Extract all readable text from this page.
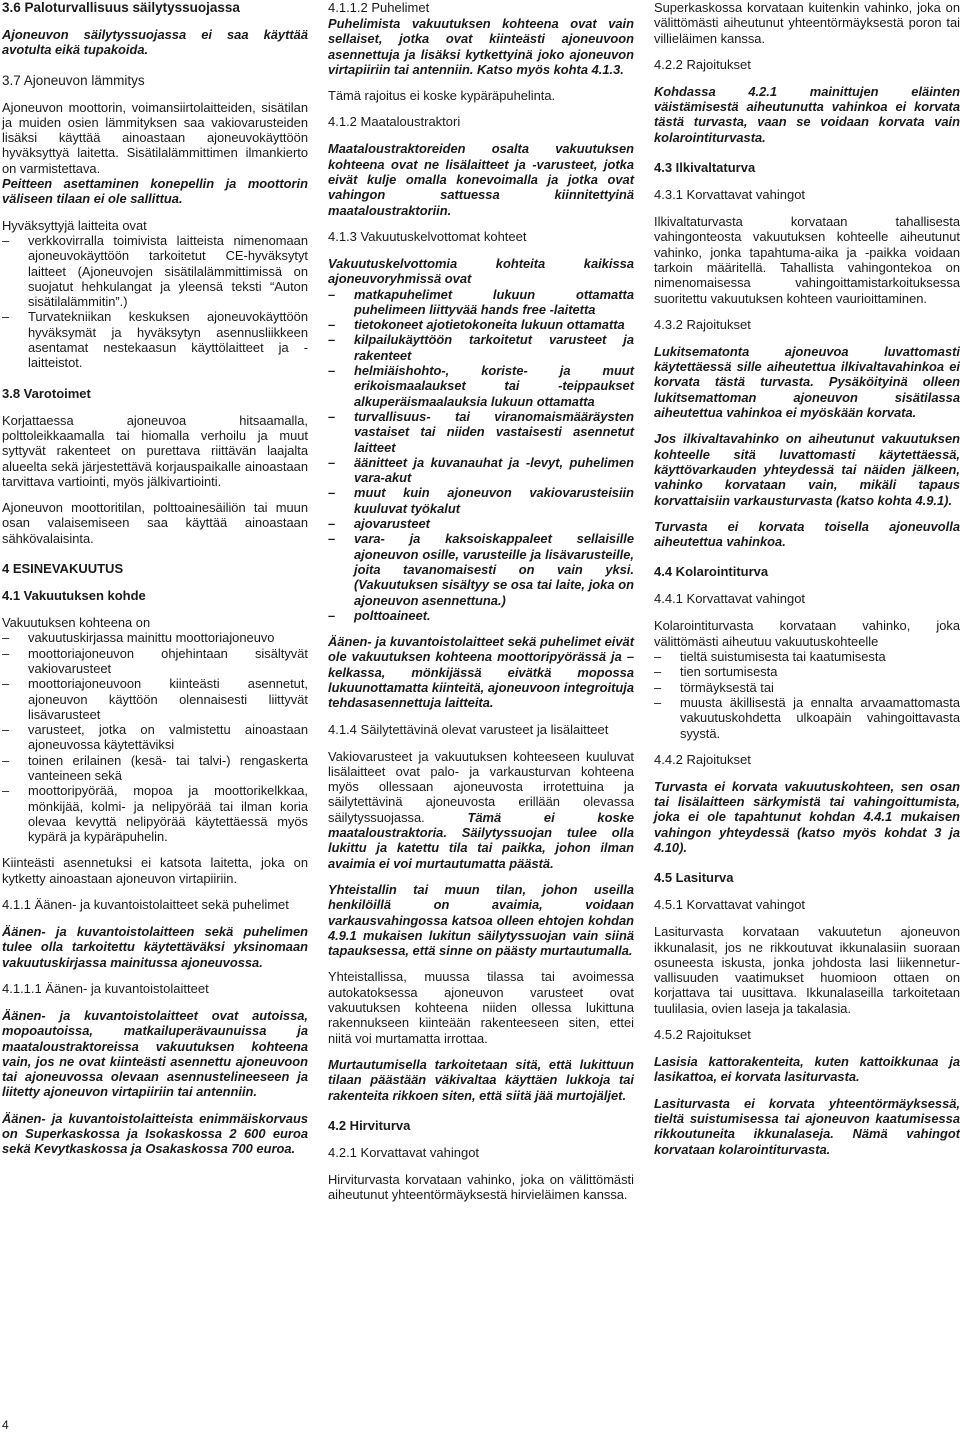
3.6 Paloturvallisuus säilytyssuojassa

Ajoneuvon säilytyssuojassa ei saa käyttää avotulta eikä tupakoida.

3.7 Ajoneuvon lämmitys

Ajoneuvon moottorin, voimansiirtolaitteiden, sisätilan ja muiden osien lämmityksen saa vakiovarusteiden lisäksi käyttää ainoastaan ajoneuvokäyttöön hyväksyttyä laitetta. Sisätilalämmittimen ilmankierto on varmistettava.

Peitteen asettaminen konepellin ja moottorin väliseen tilaan ei ole sallittua.

Hyväksyttyjä laitteita ovat

– verkkovirralla toimivista laitteista nimenomaan ajoneuvokäyttöön tarkoitetut CE-hyväksytyt laitteet (Ajoneuvojen sisätilalämmittimissä on suojatut hehkulangat ja yleensä teksti “Auton sisätilalämmitin”.)
– Turvatekniikan keskuksen ajoneuvokäyttöön hyväksymät ja hyväksytyn asennusliikkeen asentamat nestekaasun käyttölaitteet ja -laitteistot.
3.8 Varotoimet

Korjattaessa ajoneuvoa hitsaamalla, polttoleikkaamalla tai hiomalla verhoilu ja muut syttyvät rakenteet on purettava riittävän laajalta alueelta sekä järjestettävä korjauspaikalle ainoastaan tarvittava vartiointi, myös jälkivartiointi.

Ajoneuvon moottoritilan, polttoainesäiliön tai muun osan valaisemiseen saa käyttää ainoastaan sähkövalaisinta.

4 ESINEVAKUUTUS
4.1 Vakuutuksen kohde

Vakuutuksen kohteena on

– vakuutuskirjassa mainittu moottoriajoneuvo
– moottoriajoneuvon ohjehintaan sisältyvät vakiovarusteet
– moottoriajoneuvoon kiinteästi asennetut, ajoneuvon käyttöön olennaisesti liittyvät lisävarusteet
– varusteet, jotka on valmistettu ainoastaan ajoneuvossa käytettäviksi
– toinen erilainen (kesä- tai talvi-) rengaskerta vanteineen sekä
– moottoripyörää, mopoa ja moottorikelkkaa, mönkijää, kolmi- ja nelipyörää tai ilman koria olevaa kevyttä nelipyörää käytettäessä myös kypärä ja kypäräpuhelin.

Kiinteästi asennetuksi ei katsota laitetta, joka on kytketty ainoastaan ajoneuvon virtapiiriin.

4.1.1 Äänen- ja kuvantoistolaitteet sekä puhelimet

Äänen- ja kuvantoistolaitteen sekä puhelimen tulee olla tarkoitettu käytettäväksi yksinomaan vakuutuskirjassa mainitussa ajoneuvossa.

4.1.1.1 Äänen- ja kuvantoistolaitteet

Äänen- ja kuvantoistolaitteet ovat autoissa, mopoautoissa, matkailuperävaunuissa ja maataloustraktoreissa vakuutuksen kohteena vain, jos ne ovat kiinteästi asennettu ajoneuvoon tai ajoneuvossa olevaan asennustelineeseen ja liitetty ajoneuvon virtapiiriin tai antenniin.

Äänen- ja kuvantoistolaitteista enimmäiskorvaus on Superkaskossa ja Isokaskossa 2 600 euroa sekä Kevytkaskossa ja Osakaskossa 700 euroa.

4.1.1.2 Puhelimet

Puhelimista vakuutuksen kohteena ovat vain sellaiset, jotka ovat kiinteästi ajoneuvoon asennettuja ja lisäksi kytkettyinä joko ajoneuvon virtapiiriin tai antenniin. Katso myös kohta 4.1.3.

Tämä rajoitus ei koske kypäräpuhelinta.

4.1.2 Maataloustraktori

Maataloustraktoreiden osalta vakuutuksen kohteena ovat ne lisälaitteet ja -varusteet, jotka eivät kulje omalla konevoimalla ja jotka ovat vahingon sattuessa kiinnitettyinä maataloustraktoriin.

4.1.3 Vakuutuskelvottomat kohteet

Vakuutuskelvottomia kohteita kaikissa ajoneuvoryhmissä ovat

– matkapuhelimet lukuun ottamatta puhelimeen liittyvää hands free -laitetta
– tietokoneet ajotietokoneita lukuun ottamatta
– kilpailukäyttöön tarkoitetut varusteet ja rakenteet
– helmiäishohto-, koriste- ja muut erikoismaalaukset tai -teippaukset alkuperäismaalauksia lukuun ottamatta
– turvallisuus- tai viranomaismääräysten vastaiset tai niiden vastaisesti asennetut laitteet
– äänitteet ja kuvanauhat ja -levyt, puhelimen vara-akut
– muut kuin ajoneuvon vakiovarusteisiin kuuluvat työkalut
– ajovarusteet
– vara- ja kaksoiskappaleet sellaisille ajoneuvon osille, varusteille ja lisävarusteille, joita tavanomaisesti on vain yksi. (Vakuutuksen sisältyy se osa tai laite, joka on ajoneuvon asennettuna.)
– polttoaineet.

Äänen- ja kuvantoistolaitteet sekä puhelimet eivät ole vakuutuksen kohteena moottoripyörässä ja –kelkassa, mönkijässä eivätkä mopossa lukuunottamatta kiinteitä, ajoneuvoon integroituja tehdasasennettuja laitteita.

4.1.4 Säilytettävinä olevat varusteet ja lisälaitteet

Vakiovarusteet ja vakuutuksen kohteeseen kuuluvat lisälaitteet ovat palo- ja varkausturvan kohteena myös ollessaan ajoneuvosta irrotettuina ja säilytettävinä ajoneuvosta erillään olevassa säilytyssuojassa.	Tämä ei koske maataloustraktoria. Säilytyssuojan tulee olla lukittu ja katettu tila tai paikka, johon ilman avaimia ei voi murtautumatta päästä.

Yhteistallin tai muun tilan, johon useilla henkilöillä on avaimia, voidaan varkausvahingossa katsoa olleen ehtojen kohdan 4.9.1 mukaisen lukitun säilytyssuojan vain siinä tapauksessa, että sinne on päästy murtautumalla.

Yhteistallissa, muussa tilassa tai avoimessa autokatoksessa ajoneuvon varusteet ovat vakuutuksen kohteena niiden ollessa lukittuna rakennukseen kiinteään rakenteeseen siten, ettei niitä voi murtamatta irrottaa.

Murtautumisella tarkoitetaan sitä, että lukittuun tilaan päästään väkivaltaa käyttäen lukkoja tai rakenteita rikkoen siten, että siitä jää murtojäljet.

4.2 Hirviturva
4.2.1 Korvattavat vahingot

Hirviturvasta korvataan vahinko, joka on välittömästi aiheutunut yhteentörmäyksestä hirvieläimen kanssa.

Superkaskossa korvataan kuitenkin vahinko, joka on välittömästi aiheutunut yhteentörmäyksestä poron tai villieläimen kanssa.

4.2.2 Rajoitukset

Kohdassa 4.2.1 mainittujen eläinten väistämisestä aiheutunutta vahinkoa ei korvata tästä turvasta, vaan se voidaan korvata vain kolarointiturvasta.

4.3 Ilkivaltaturva
4.3.1 Korvattavat vahingot

Ilkivaltaturvasta korvataan tahallisesta vahingonteosta vakuutuksen kohteelle aiheutunut vahinko, jonka tapahtuma-aika ja -paikka voidaan tarkoin määritellä. Tahallista vahingontekoa on nimenomaisessa vahingoittamistarkoituksessa suoritettu vakuutuksen kohteen vaurioittaminen.

4.3.2 Rajoitukset

Lukitsematonta ajoneuvoa luvattomasti käytettäessä sille aiheutettua ilkivaltavahinkoa ei korvata tästä turvasta. Pysäköityinä olleen lukitsemattoman ajoneuvon sisätilassa aiheutettua vahinkoa ei myöskään korvata.

Jos ilkivaltavahinko on aiheutunut vakuutuksen kohteelle sitä luvattomasti käytettäessä, käyttövarkauden yhteydessä tai näiden jälkeen, vahinko korvataan vain, mikäli tapaus korvattaisiin varkausturvasta (katso kohta 4.9.1).

Turvasta ei korvata toisella ajoneuvolla aiheutettua vahinkoa.

4.4 Kolarointiturva
4.4.1 Korvattavat vahingot

Kolarointiturvasta korvataan vahinko, joka välittömästi aiheutuu vakuutuskohteelle

– tieltä suistumisesta tai kaatumisesta
– tien sortumisesta
– törmäyksestä tai
– muusta äkillisestä ja ennalta arvaamattomasta vakuutuskohdetta ulkoapäin vahingoittavasta syystä.
4.4.2 Rajoitukset

Turvasta ei korvata vakuutuskohteen, sen osan tai lisälaitteen särkymistä tai vahingoittumista, joka ei ole tapahtunut kohdan 4.4.1 mukaisen vahingon yhteydessä (katso myös kohdat 3 ja 4.10).

4.5 Lasiturva
4.5.1 Korvattavat vahingot

Lasiturvasta korvataan vakuutetun ajoneuvon ikkunalasit, jos ne rikkoutuvat ikkunalasiin suoraan osuneesta iskusta, jonka johdosta lasi liikenneturvallisuuden vaatimukset huomioon ottaen on korjattava tai uusittava. Ikkunalaseilla tarkoitetaan tuulilasia, ovien laseja ja takalasia.

4.5.2 Rajoitukset

Lasisia kattorakenteita, kuten kattoikkunaa ja lasikattoa, ei korvata lasiturvasta.

Lasiturvasta ei korvata yhteentörmäyksessä, tieltä suistumisessa tai ajoneuvon kaatumisessa rikkoutuneita ikkunalaseja. Nämä vahingot korvataan kolarointiturvasta.

4
